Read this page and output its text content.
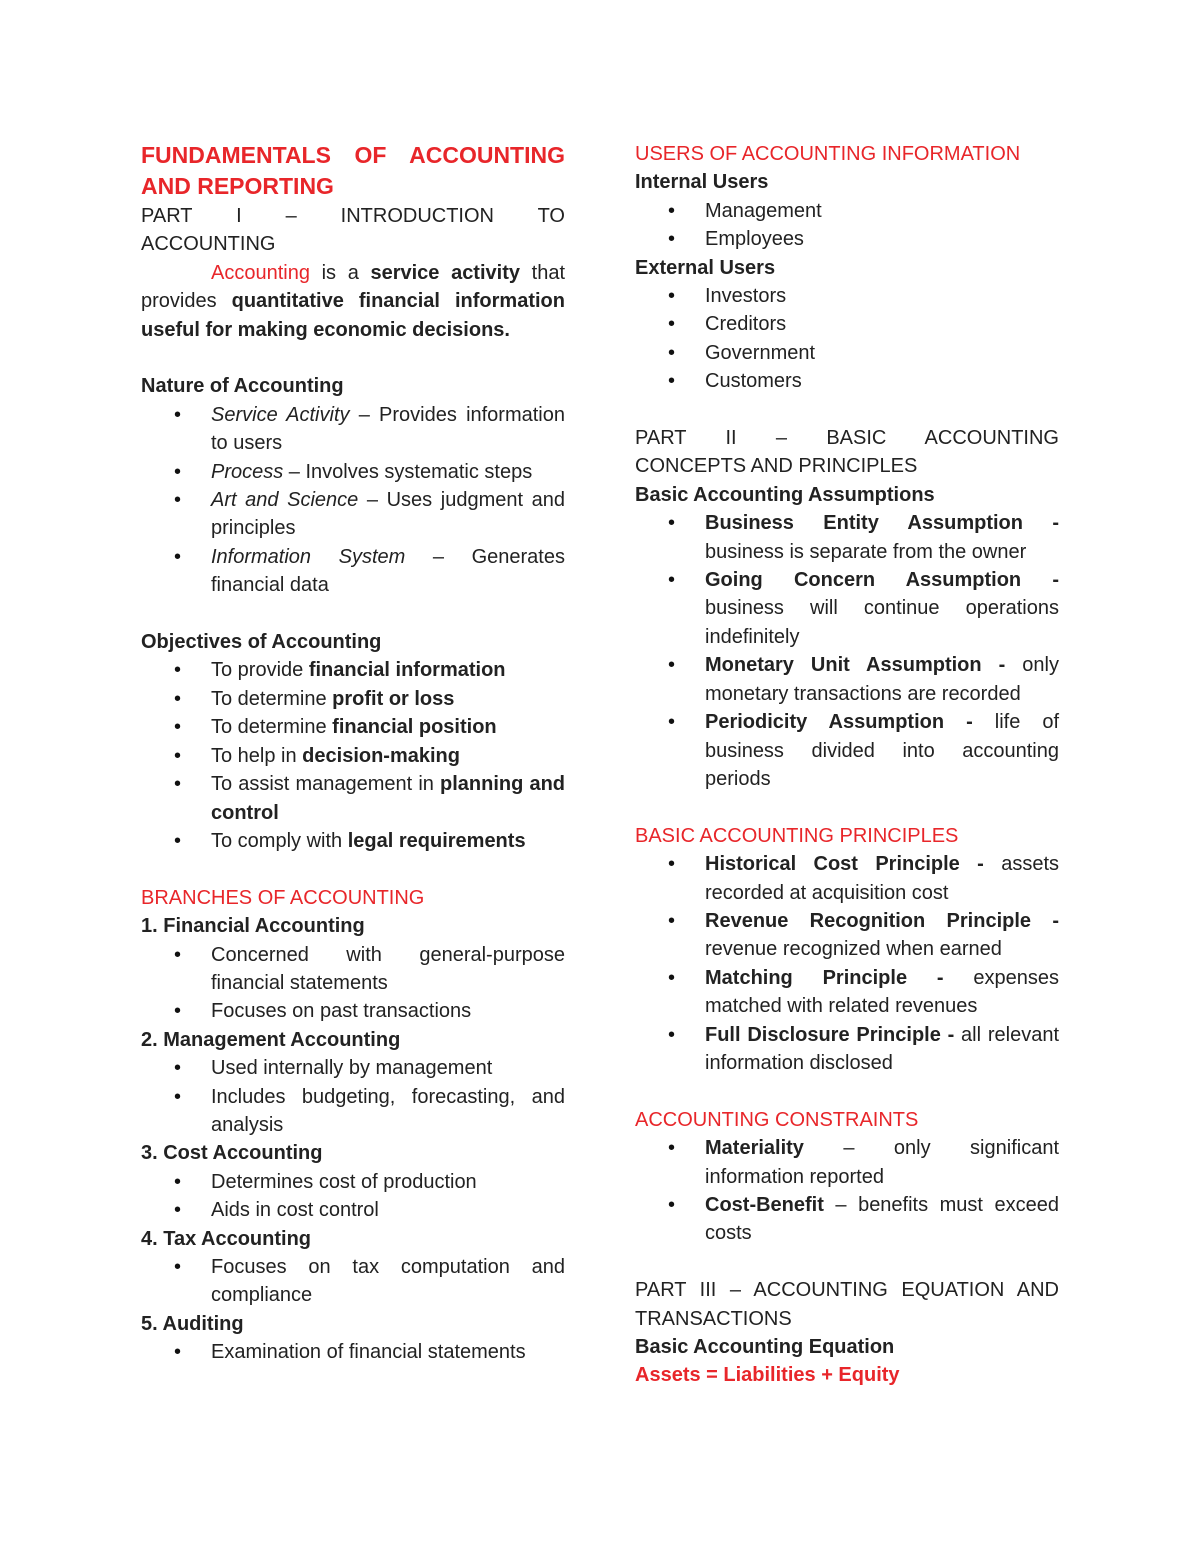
FUNDAMENTALS OF ACCOUNTING
AND REPORTING

PART I – INTRODUCTION TO

ACCOUNTING

Accounting is a service activity that provides quantitative financial information useful for making economic decisions.

Nature of Accounting

• Service Activity – Provides information to users
• Process – Involves systematic steps
• Art and Science – Uses judgment and principles
• Information System – Generates financial data

Objectives of Accounting

• To provide financial information
• To determine profit or loss
• To determine financial position
• To help in decision-making
• To assist management in planning and control
• To comply with legal requirements

BRANCHES OF ACCOUNTING

1. Financial Accounting

• Concerned with general-purpose financial statements
• Focuses on past transactions

2. Management Accounting

• Used internally by management
• Includes budgeting, forecasting, and analysis

3. Cost Accounting

• Determines cost of production
• Aids in cost control

4. Tax Accounting

• Focuses on tax computation and compliance

5. Auditing

• Examination of financial statements

USERS OF ACCOUNTING INFORMATION

Internal Users

• Management
• Employees

External Users

• Investors
• Creditors
• Government
• Customers

PART II – BASIC ACCOUNTING

CONCEPTS AND PRINCIPLES

Basic Accounting Assumptions

• Business Entity Assumption - business is separate from the owner
• Going Concern Assumption - business will continue operations indefinitely
• Monetary Unit Assumption - only monetary transactions are recorded
• Periodicity Assumption - life of business divided into accounting periods

BASIC ACCOUNTING PRINCIPLES

• Historical Cost Principle - assets recorded at acquisition cost
• Revenue Recognition Principle - revenue recognized when earned
• Matching Principle - expenses matched with related revenues
• Full Disclosure Principle - all relevant information disclosed

ACCOUNTING CONSTRAINTS

• Materiality – only significant information reported
• Cost-Benefit – benefits must exceed costs

PART III – ACCOUNTING EQUATION AND

TRANSACTIONS

Basic Accounting Equation

Assets = Liabilities + Equity
